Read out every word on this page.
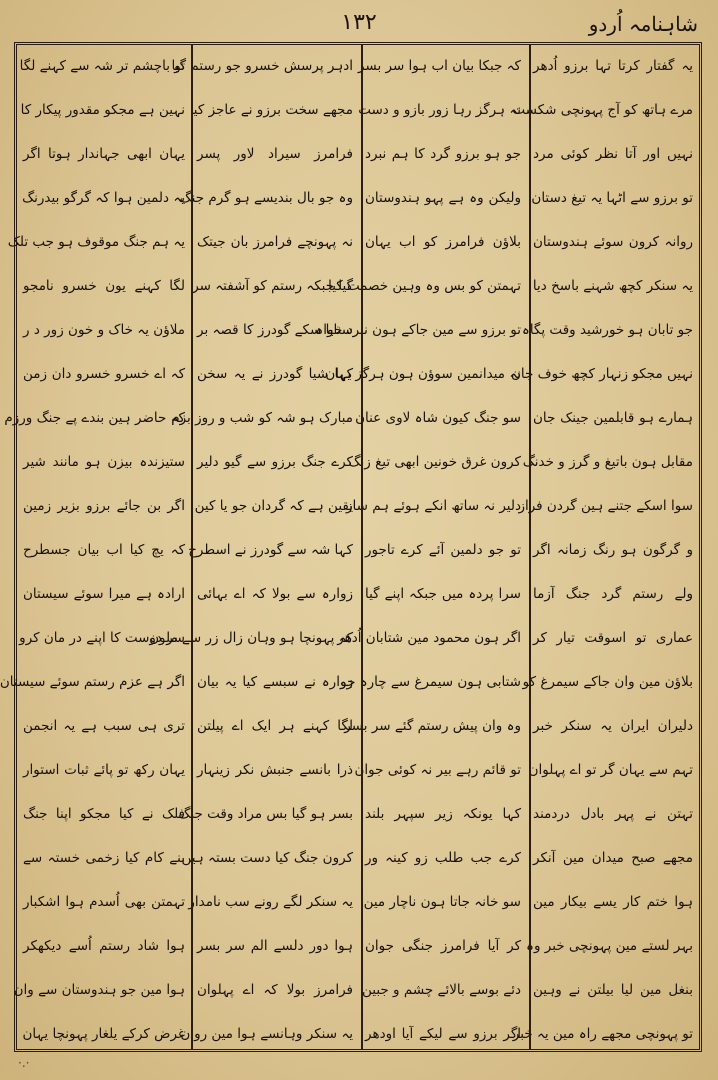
شاہنامہ اُردو
۱۳۲
یہ گفتار کرتا تہا برزو اُدھر
مرے ہاتھ کو آج پہونچی شکست
نہیں اور آتا نظر کوئی مرد
تو برزو سے اٹہا یہ تیغ دستان
روانہ کرون سوئے ہندوستان
یہ سنکر کچھ شہنے باسخ دیا
جو تابان ہو خورشید وقت پگاہ
نہیں مجکو زنہار کچھ خوف جان
ہمارے ہو قابلمین جینک جان
مقابل ہون باتیغ و گرز و خدنگ
سوا اسکے جتنے ہین گردن فراز
و گرگون ہو رنگ زمانہ اگر
ولے رستم گرد جنگ آزما
عماری تو اسوقت تیار کر
بلاؤن مین وان جاکے سیمرغ کو
دلیران ایران یہ سنکر خبر
تہم سے یہان گر تو اے پہلوان
تہتن نے پہر بادل دردمند
مجھے صبح میدان مین آنکر
ہوا ختم کار یسے بیکار مین
بہر لستے مین پہونچی خبر وہ
بنغل مین لیا بیلتن نے وہین
تو پہونچی مجھے راہ مین یہ خبر
کہ جبکا بیان اب ہوا سر بسر
نہ ہرگز رہا زور بازو و دست
جو ہو برزو گرد کا ہم نبرد
ولیکن وہ ہے پہو ہندوستان
بلاؤن فرامرز کو اب یہان
تہمتن کو بس وہ وہین خصمت کیا
تو برزو سے مین جاکے ہون نبرد خواہ
نہ میدانمین سوؤن ہون ہرگز یہان
سو جنگ کیون شاہ لاوی عنان
کرون غرق خونین ابھی تیغ زنگ
دلیر نہ ساتھ انکے ہوئے ہم ساز
تو جو دلمین آئے کرے تاجور
سرا پردہ میں جبکہ اپنے گیا
اگر ہون محمود مین شتابان اُدھر
شتابی ہون سیمرغ سے چارہ جو
وہ وان پیش رستم گئے سر بسر
تو قائم رہے بیر نہ کوئی جوان
کہا یونکہ زیر سپہر بلند
کرے جب طلب زو کینہ ور
سو خانہ جاتا ہون ناچار مین
کر آیا فرامرز جنگی جوان
دئے بوسے بالائے چشم و جبین
اگر برزو سے لیکے آیا اودھر
ادہر پرسش خسرو جو رستم گیا
مجھے سخت برزو نے عاجز کیا
فرامرز سیراد لاور پسر
وہ جو بال بندیسے ہو گرم جنگ
نہ پہونچے فرامرز بان جیتک
گیا جبکہ رستم کو آشفتہ سر
سنایا سکے گودرز کا قصہ بر
کہا شیا گودرز نے یہ سخن
مبارک ہو شہ کو شب و روز بزم
کرے جنگ برزو سے گیو دلیر
یقین ہے کہ گردان جو یا کین
کہا شہ سے گودرز نے اسطرح
زوارہ سے بولا کہ اے بہائی
کہ پہونچا ہو وہان زال زر سے ملون
زوارہ نے سبسے کیا یہ بیان
لگا کہنے ہر ایک اے پیلتن
ذرا بانسے جنبش نکر زینہار
بسر ہو گیا بس مراد وقت جنگ
کرون جنگ کیا دست بستہ ہیں
یہ سنکر لگے رونے سب نامدار
ہوا دور دلسے الم سر بسر
فرامرز بولا کہ اے پہلوان
یہ سنکر وہانسے ہوا مین روان
تو باچشم تر شہ سے کہنے لگا
نہین ہے مجکو مقدور پیکار کا
یہان ابھی جہاندار ہوتا اگر
یہ دلمین ہوا کہ گرگو بیدرنگ
یہ ہم جنگ موقوف ہو جب تلک
لگا کہنے یون خسرو نامجو
ملاؤن یہ خاک و خون زور د ر
کہ اے خسرو خسرو دان زمن
کہ حاضر ہین بندے پے جنگ ورزم
ستیزندہ بیزن ہو مانند شیر
اگر بن جائے برزو بزیر زمین
کہ یچ کیا اب بیان جسطرح
ارادہ ہے میرا سوئے سیستان
سر دوست کا اپنے در مان کرو
اگر ہے عزم رستم سوئے سیستان
تری ہی سبب ہے یہ انجمن
یہان رکھ تو پائے ثبات استوار
فلک نے کیا مجکو اپنا جنگ
بنے کام کیا زخمی خستہ سے
تہمتن بھی اُسدم ہوا اشکبار
ہوا شاد رستم اُسے دیکھکر
ہوا مین جو ہندوستان سے وان
غرض کرکے یلغار پہونچا یہان
·.·
